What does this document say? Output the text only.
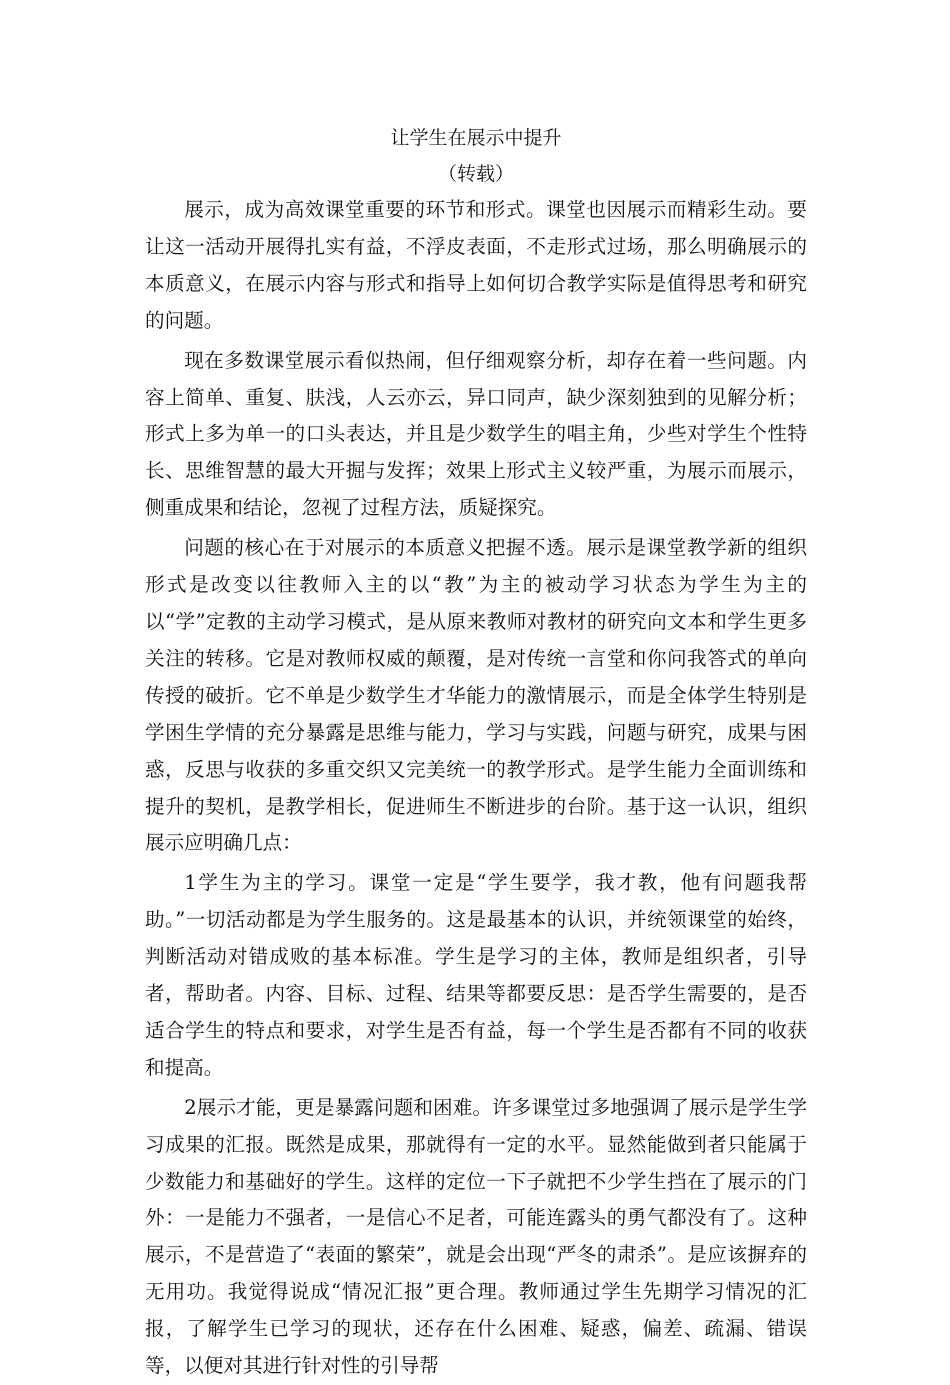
让学生在展示中提升
（转载）

展示，成为高效课堂重要的环节和形式。课堂也因展示而精彩生动。要让这一活动开展得扎实有益，不浮皮表面，不走形式过场，那么明确展示的本质意义，在展示内容与形式和指导上如何切合教学实际是值得思考和研究的问题。

现在多数课堂展示看似热闹，但仔细观察分析，却存在着一些问题。内容上简单、重复、肤浅，人云亦云，异口同声，缺少深刻独到的见解分析；形式上多为单一的口头表达，并且是少数学生的唱主角，少些对学生个性特长、思维智慧的最大开掘与发挥；效果上形式主义较严重，为展示而展示，侧重成果和结论，忽视了过程方法，质疑探究。

问题的核心在于对展示的本质意义把握不透。展示是课堂教学新的组织形式是改变以往教师入主的以“教”为主的被动学习状态为学生为主的以“学”定教的主动学习模式，是从原来教师对教材的研究向文本和学生更多关注的转移。它是对教师权威的颠覆，是对传统一言堂和你问我答式的单向传授的破折。它不单是少数学生才华能力的激情展示，而是全体学生特别是学困生学情的充分暴露是思维与能力，学习与实践，问题与研究，成果与困惑，反思与收获的多重交织又完美统一的教学形式。是学生能力全面训练和提升的契机，是教学相长，促进师生不断进步的台阶。基于这一认识，组织展示应明确几点：

1学生为主的学习。课堂一定是“学生要学，我才教，他有问题我帮助。”一切活动都是为学生服务的。这是最基本的认识，并统领课堂的始终，判断活动对错成败的基本标准。学生是学习的主体，教师是组织者，引导者，帮助者。内容、目标、过程、结果等都要反思：是否学生需要的，是否适合学生的特点和要求，对学生是否有益，每一个学生是否都有不同的收获和提高。

2展示才能，更是暴露问题和困难。许多课堂过多地强调了展示是学生学习成果的汇报。既然是成果，那就得有一定的水平。显然能做到者只能属于少数能力和基础好的学生。这样的定位一下子就把不少学生挡在了展示的门外：一是能力不强者，一是信心不足者，可能连露头的勇气都没有了。这种展示，不是营造了“表面的繁荣”，就是会出现“严冬的肃杀”。是应该摒弃的无用功。我觉得说成“情况汇报”更合理。教师通过学生先期学习情况的汇报，了解学生已学习的现状，还存在什么困难、疑惑，偏差、疏漏、错误等，以便对其进行针对性的引导帮
